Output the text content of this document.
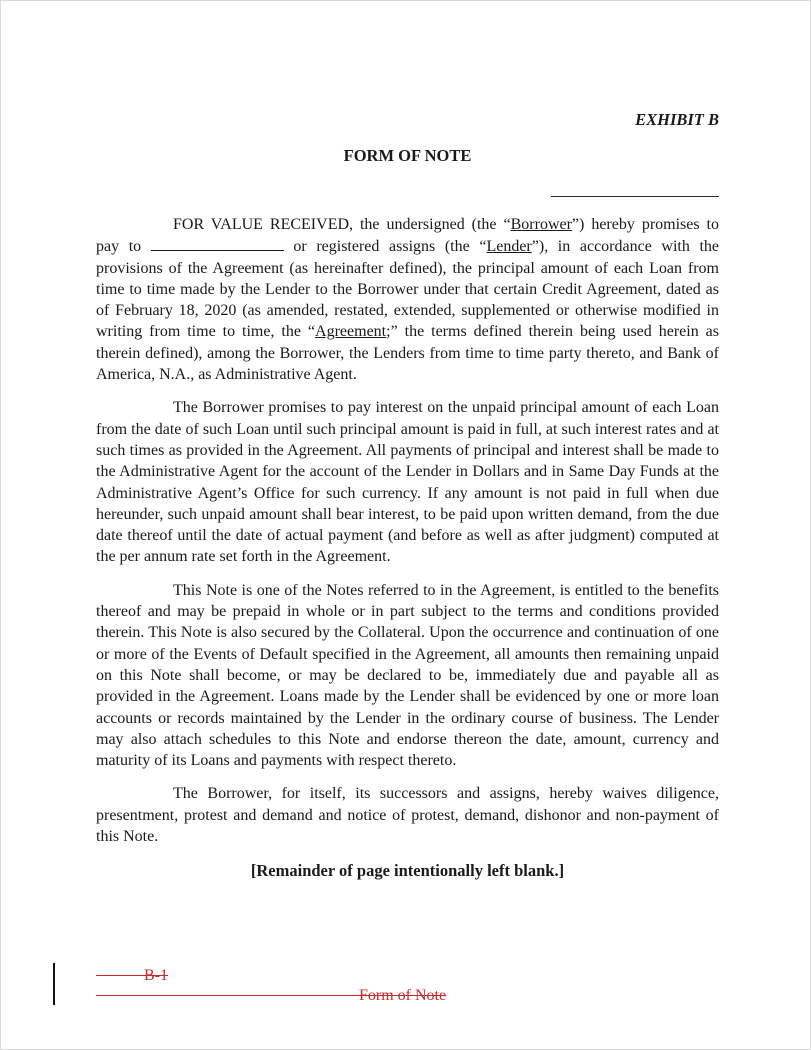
EXHIBIT B
FORM OF NOTE

FOR VALUE RECEIVED, the undersigned (the “Borrower”) hereby promises to pay to	or registered assigns (the “Lender”), in accordance with the provisions of the Agreement (as hereinafter defined), the principal amount of each Loan from time to time made by the Lender to the Borrower under that certain Credit Agreement, dated as of February 18, 2020 (as amended, restated, extended, supplemented or otherwise modified in writing from time to time, the “Agreement;” the terms defined therein being used herein as therein defined), among the Borrower, the Lenders from time to time party thereto, and Bank of America, N.A., as Administrative Agent.

The Borrower promises to pay interest on the unpaid principal amount of each Loan from the date of such Loan until such principal amount is paid in full, at such interest rates and at such times as provided in the Agreement. All payments of principal and interest shall be made to the Administrative Agent for the account of the Lender in Dollars and in Same Day Funds at the Administrative Agent’s Office for such currency. If any amount is not paid in full when due hereunder, such unpaid amount shall bear interest, to be paid upon written demand, from the due date thereof until the date of actual payment (and before as well as after judgment) computed at the per annum rate set forth in the Agreement.

This Note is one of the Notes referred to in the Agreement, is entitled to the benefits thereof and may be prepaid in whole or in part subject to the terms and conditions provided therein. This Note is also secured by the Collateral. Upon the occurrence and continuation of one or more of the Events of Default specified in the Agreement, all amounts then remaining unpaid on this Note shall become, or may be declared to be, immediately due and payable all as provided in the Agreement. Loans made by the Lender shall be evidenced by one or more loan accounts or records maintained by the Lender in the ordinary course of business. The Lender may also attach schedules to this Note and endorse thereon the date, amount, currency and maturity of its Loans and payments with respect thereto.

The Borrower, for itself, its successors and assigns, hereby waives diligence, presentment, protest and demand and notice of protest, demand, dishonor and non-payment of this Note.

[Remainder of page intentionally left blank.]
B-1
Form of Note
